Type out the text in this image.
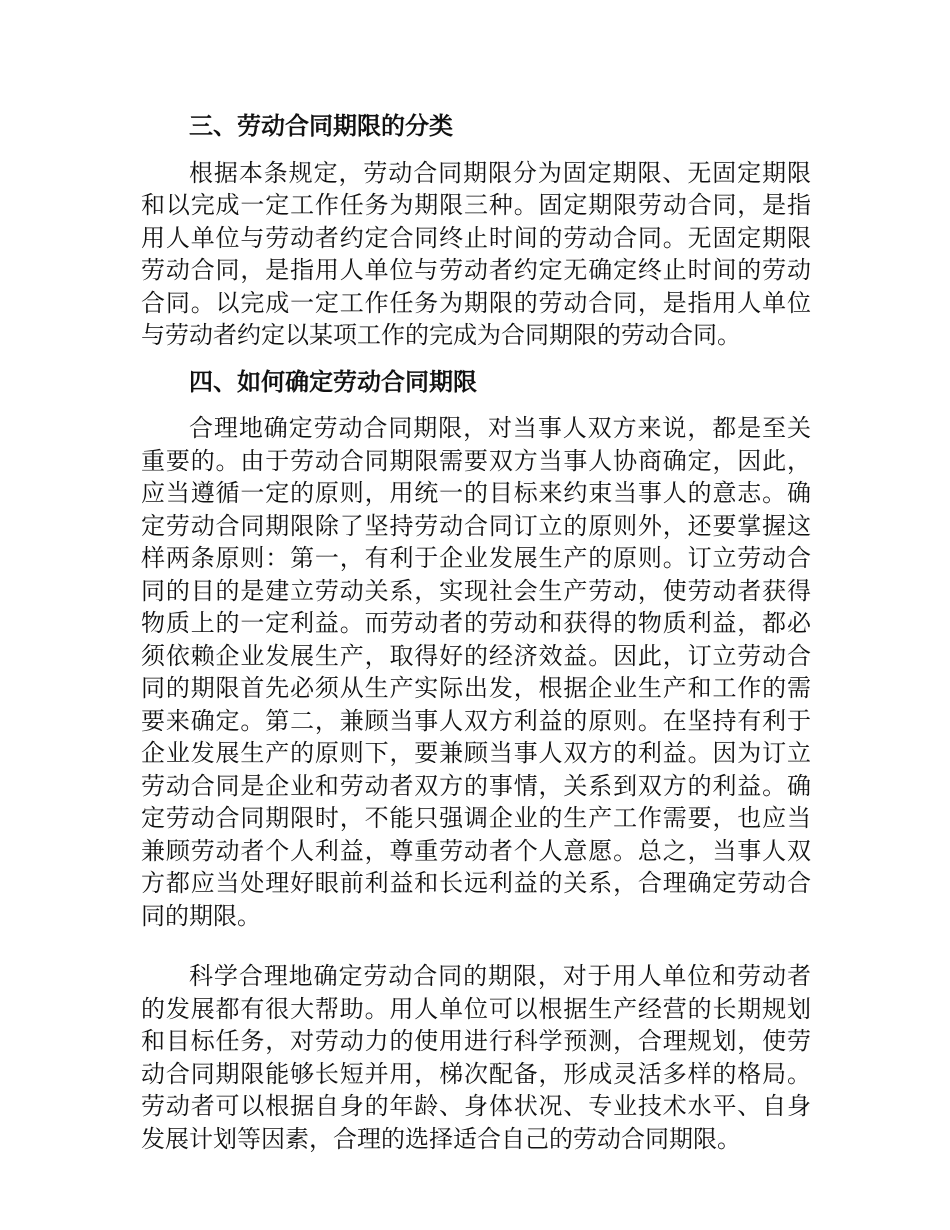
三、劳动合同期限的分类

根据本条规定，劳动合同期限分为固定期限、无固定期限和以完成一定工作任务为期限三种。固定期限劳动合同，是指用人单位与劳动者约定合同终止时间的劳动合同。无固定期限劳动合同，是指用人单位与劳动者约定无确定终止时间的劳动合同。以完成一定工作任务为期限的劳动合同，是指用人单位与劳动者约定以某项工作的完成为合同期限的劳动合同。

四、如何确定劳动合同期限

合理地确定劳动合同期限，对当事人双方来说，都是至关重要的。由于劳动合同期限需要双方当事人协商确定，因此，应当遵循一定的原则，用统一的目标来约束当事人的意志。确定劳动合同期限除了坚持劳动合同订立的原则外，还要掌握这样两条原则：第一，有利于企业发展生产的原则。订立劳动合同的目的是建立劳动关系，实现社会生产劳动，使劳动者获得物质上的一定利益。而劳动者的劳动和获得的物质利益，都必须依赖企业发展生产，取得好的经济效益。因此，订立劳动合同的期限首先必须从生产实际出发，根据企业生产和工作的需要来确定。第二，兼顾当事人双方利益的原则。在坚持有利于企业发展生产的原则下，要兼顾当事人双方的利益。因为订立劳动合同是企业和劳动者双方的事情，关系到双方的利益。确定劳动合同期限时，不能只强调企业的生产工作需要，也应当兼顾劳动者个人利益，尊重劳动者个人意愿。总之，当事人双方都应当处理好眼前利益和长远利益的关系，合理确定劳动合同的期限。

科学合理地确定劳动合同的期限，对于用人单位和劳动者的发展都有很大帮助。用人单位可以根据生产经营的长期规划和目标任务，对劳动力的使用进行科学预测，合理规划，使劳动合同期限能够长短并用，梯次配备，形成灵活多样的格局。劳动者可以根据自身的年龄、身体状况、专业技术水平、自身发展计划等因素，合理的选择适合自己的劳动合同期限。
